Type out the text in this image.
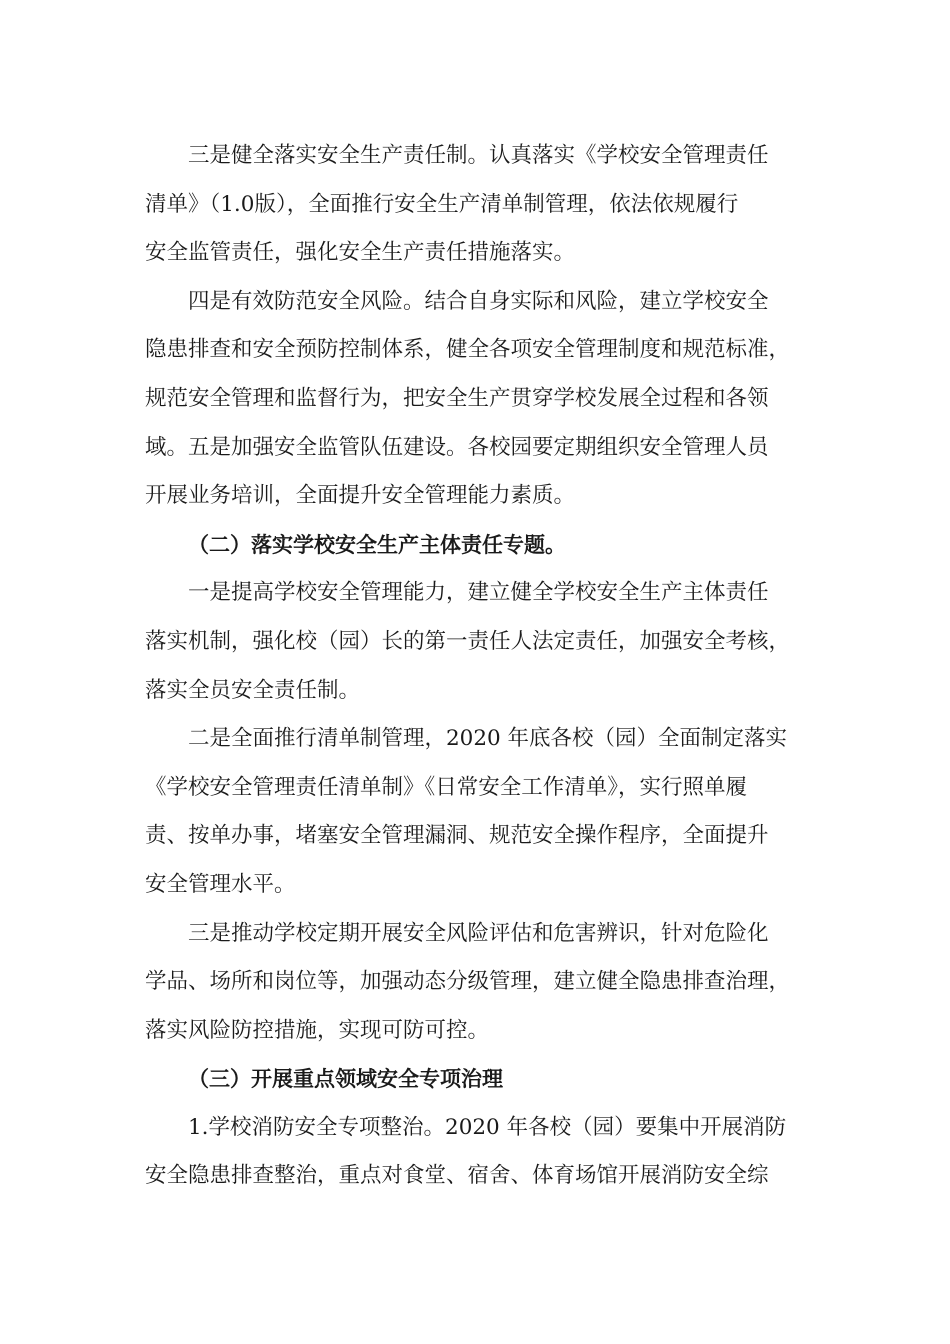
三是健全落实安全生产责任制。认真落实《学校安全管理责任
清单》（1.0版），全面推行安全生产清单制管理，依法依规履行
安全监管责任，强化安全生产责任措施落实。

四是有效防范安全风险。结合自身实际和风险，建立学校安全
隐患排查和安全预防控制体系，健全各项安全管理制度和规范标准，
规范安全管理和监督行为，把安全生产贯穿学校发展全过程和各领
域。五是加强安全监管队伍建设。各校园要定期组织安全管理人员
开展业务培训，全面提升安全管理能力素质。

（二）落实学校安全生产主体责任专题。

一是提高学校安全管理能力，建立健全学校安全生产主体责任
落实机制，强化校（园）长的第一责任人法定责任，加强安全考核，
落实全员安全责任制。

二是全面推行清单制管理，2020 年底各校（园）全面制定落实
《学校安全管理责任清单制》《日常安全工作清单》，实行照单履
责、按单办事，堵塞安全管理漏洞、规范安全操作程序，全面提升
安全管理水平。

三是推动学校定期开展安全风险评估和危害辨识，针对危险化
学品、场所和岗位等，加强动态分级管理，建立健全隐患排查治理，
落实风险防控措施，实现可防可控。

（三）开展重点领域安全专项治理

1.学校消防安全专项整治。2020 年各校（园）要集中开展消防
安全隐患排查整治，重点对食堂、宿舍、体育场馆开展消防安全综
